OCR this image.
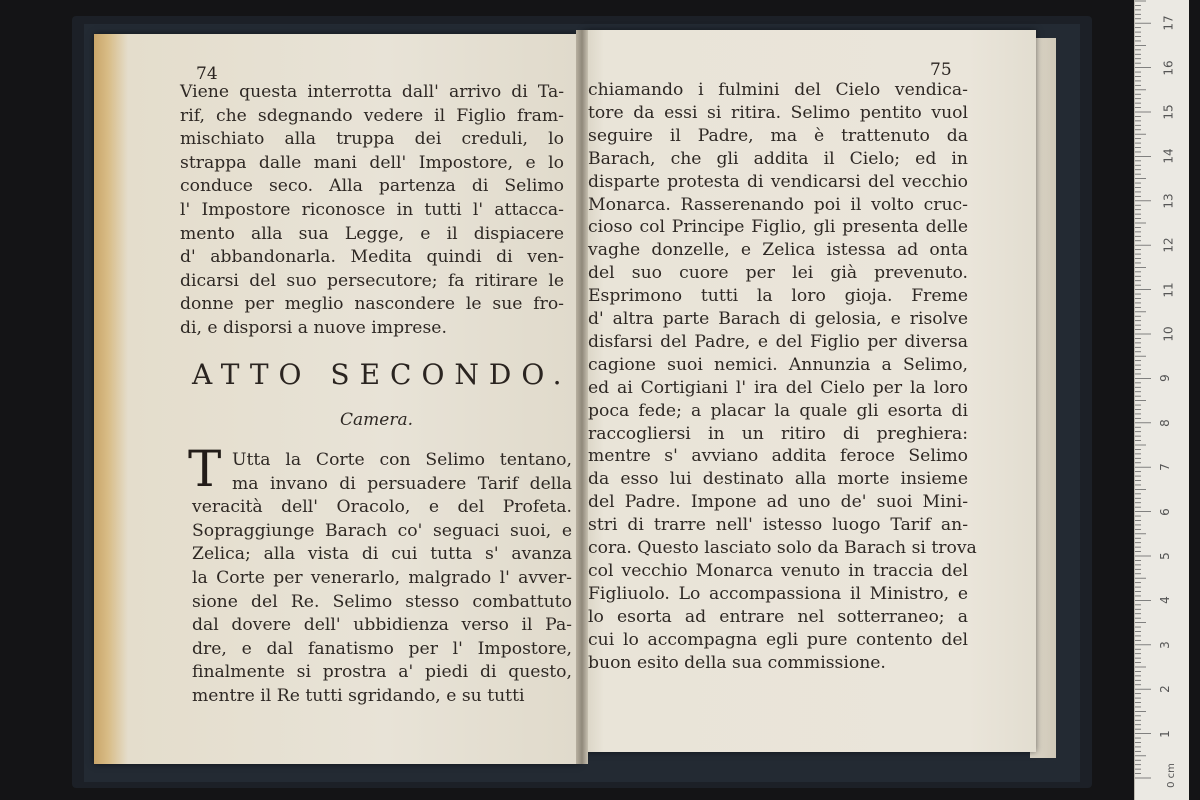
74
Viene questa interrotta dall' arrivo di Ta-
rif, che sdegnando vedere il Figlio fram-
mischiato alla truppa dei creduli, lo
strappa dalle mani dell' Impostore, e lo
conduce seco. Alla partenza di Selimo
l' Impostore riconosce in tutti l' attacca-
mento alla sua Legge, e il dispiacere
d' abbandonarla. Medita quindi di ven-
dicarsi del suo persecutore; fa ritirare le
donne per meglio nascondere le sue fro-
di, e disporsi a nuove imprese.
ATTO SECONDO.
Camera.
T Utta la Corte con Selimo tentano,
ma invano di persuadere Tarif della
veracità dell' Oracolo, e del Profeta.
Sopraggiunge Barach co' seguaci suoi, e
Zelica; alla vista di cui tutta s' avanza
la Corte per venerarlo, malgrado l' avver-
sione del Re. Selimo stesso combattuto
dal dovere dell' ubbidienza verso il Pa-
dre, e dal fanatismo per l' Impostore,
finalmente si prostra a' piedi di questo,
mentre il Re tutti sgridando, e su tutti
75
chiamando i fulmini del Cielo vendica-
tore da essi si ritira. Selimo pentito vuol
seguire il Padre, ma è trattenuto da
Barach, che gli addita il Cielo; ed in
disparte protesta di vendicarsi del vecchio
Monarca. Rasserenando poi il volto cruc-
cioso col Principe Figlio, gli presenta delle
vaghe donzelle, e Zelica istessa ad onta
del suo cuore per lei già prevenuto.
Esprimono tutti la loro gioja. Freme
d' altra parte Barach di gelosia, e risolve
disfarsi del Padre, e del Figlio per diversa
cagione suoi nemici. Annunzia a Selimo,
ed ai Cortigiani l' ira del Cielo per la loro
poca fede; a placar la quale gli esorta di
raccogliersi in un ritiro di preghiera:
mentre s' avviano addita feroce Selimo
da esso lui destinato alla morte insieme
del Padre. Impone ad uno de' suoi Mini-
stri di trarre nell' istesso luogo Tarif an-
cora. Questo lasciato solo da Barach si trova
col vecchio Monarca venuto in traccia del
Figliuolo. Lo accompassiona il Ministro, e
lo esorta ad entrare nel sotterraneo; a
cui lo accompagna egli pure contento del
buon esito della sua commissione.
1
2
3
4
5
6
7
8
9
10
11
12
13
14
15
16
17
0 cm
